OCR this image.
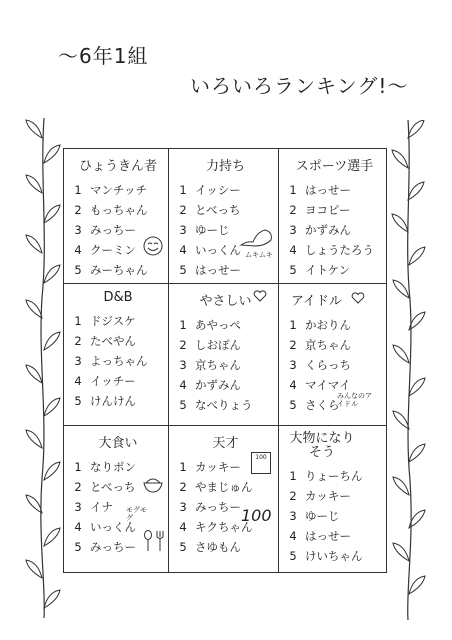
〜6年1組
いろいろランキング!〜
ひょうきん者
1 マンチッチ
2 もっちゃん
3 みっちー
4 クーミン
5 みーちゃん
力持ち
1 イッシー
2 とべっち
3 ゆーじ
4 いっくん
5 はっせー
ムキムキ
スポーツ選手
1 はっせー
2 ヨコピー
3 かずみん
4 しょうたろう
5 イトケン
D&B
1 ドジスケ
2 たべやん
3 よっちゃん
4 イッチー
5 けんけん
やさしい
1 あやっぺ
2 しおぽん
3 京ちゃん
4 かずみん
5 なべりょう
アイドル
1 かおりん
2 京ちゃん
3 くらっち
4 マイマイ
5 さくら
みんなのアイドル
大食い
1 なりポン
2 とべっち
3 イナ
4 いっくん
5 みっちー
モグモグ
天才
1 カッキー
2 やまじゅん
3 みっちー
4 キクちゃん
5 さゆもん
100
100
大物になりそう
1 りょーちん
2 カッキー
3 ゆーじ
4 はっせー
5 けいちゃん
